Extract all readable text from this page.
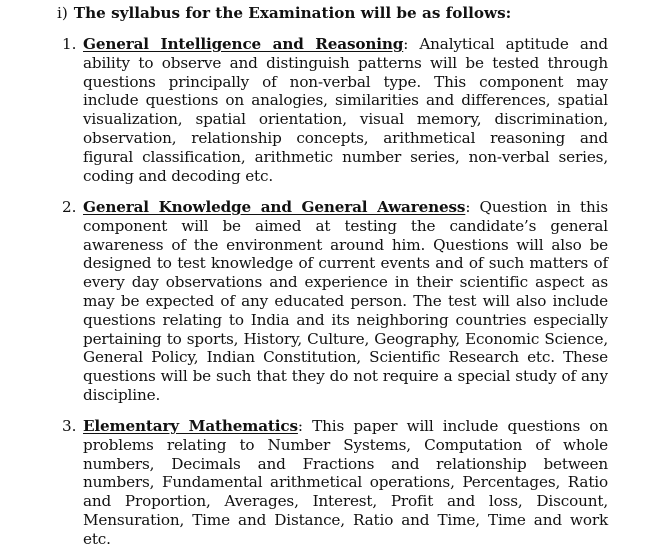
i) The syllabus for the Examination will be as follows:
1. General Intelligence and Reasoning: Analytical aptitude and ability to observe and distinguish patterns will be tested through questions principally of non-verbal type. This component may include questions on analogies, similarities and differences, spatial visualization, spatial orientation, visual memory, discrimination, observation, relationship concepts, arithmetical reasoning and figural classification, arithmetic number series, non-verbal series, coding and decoding etc.
2. General Knowledge and General Awareness: Question in this component will be aimed at testing the candidate’s general awareness of the environment around him. Questions will also be designed to test knowledge of current events and of such matters of every day observations and experience in their scientific aspect as may be expected of any educated person. The test will also include questions relating to India and its neighboring countries especially pertaining to sports, History, Culture, Geography, Economic Science, General Policy, Indian Constitution, Scientific Research etc. These questions will be such that they do not require a special study of any discipline.
3. Elementary Mathematics: This paper will include questions on problems relating to Number Systems, Computation of whole numbers, Decimals and Fractions and relationship between numbers, Fundamental arithmetical operations, Percentages, Ratio and Proportion, Averages, Interest, Profit and loss, Discount, Mensuration, Time and Distance, Ratio and Time, Time and work etc.
